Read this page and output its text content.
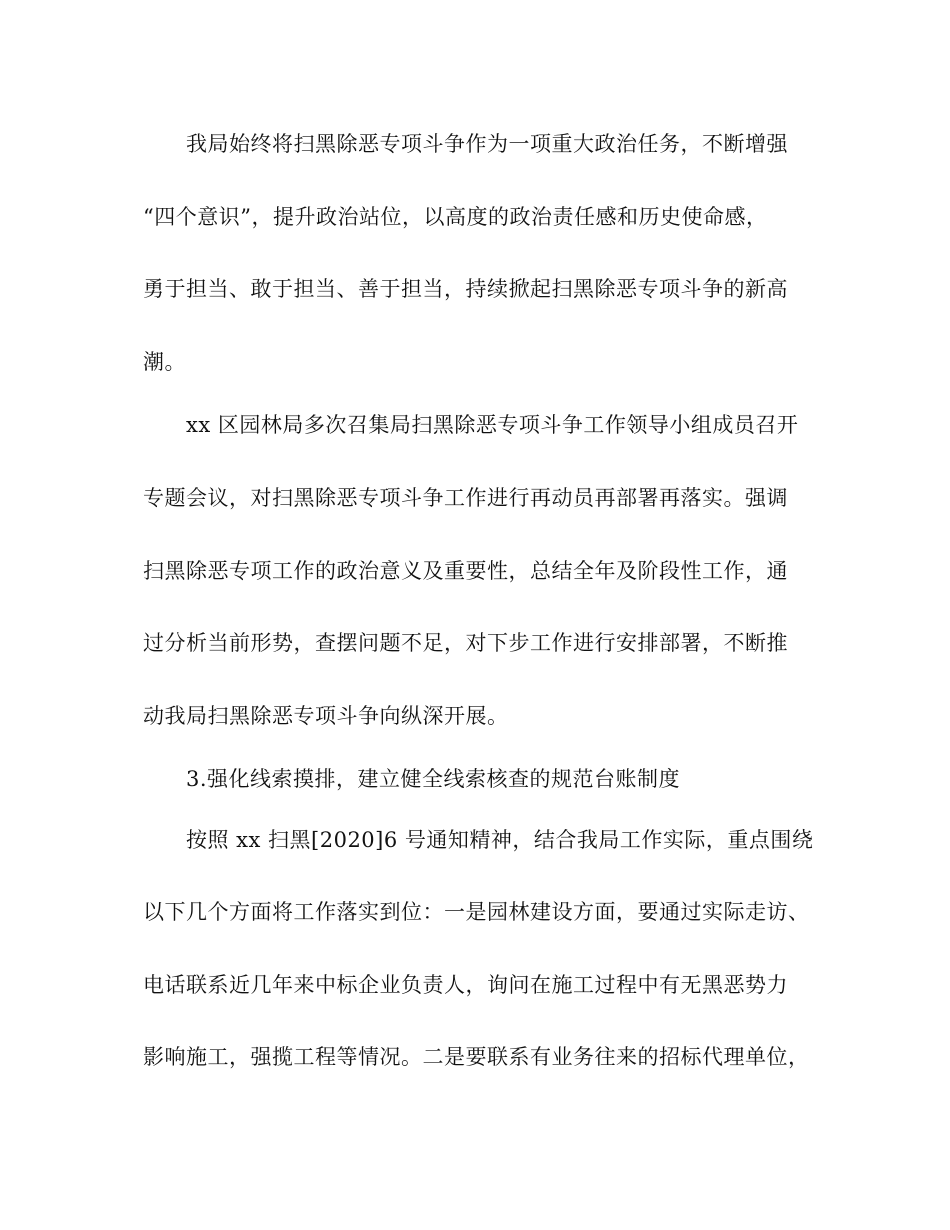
我局始终将扫黑除恶专项斗争作为一项重大政治任务，不断增强
“四个意识”，提升政治站位，以高度的政治责任感和历史使命感，
勇于担当、敢于担当、善于担当，持续掀起扫黑除恶专项斗争的新高
潮。
xx 区园林局多次召集局扫黑除恶专项斗争工作领导小组成员召开
专题会议，对扫黑除恶专项斗争工作进行再动员再部署再落实。强调
扫黑除恶专项工作的政治意义及重要性，总结全年及阶段性工作，通
过分析当前形势，查摆问题不足，对下步工作进行安排部署，不断推
动我局扫黑除恶专项斗争向纵深开展。
3.强化线索摸排，建立健全线索核查的规范台账制度
按照 xx 扫黑[2020]6 号通知精神，结合我局工作实际，重点围绕
以下几个方面将工作落实到位：一是园林建设方面，要通过实际走访、
电话联系近几年来中标企业负责人，询问在施工过程中有无黑恶势力
影响施工，强揽工程等情况。二是要联系有业务往来的招标代理单位，
